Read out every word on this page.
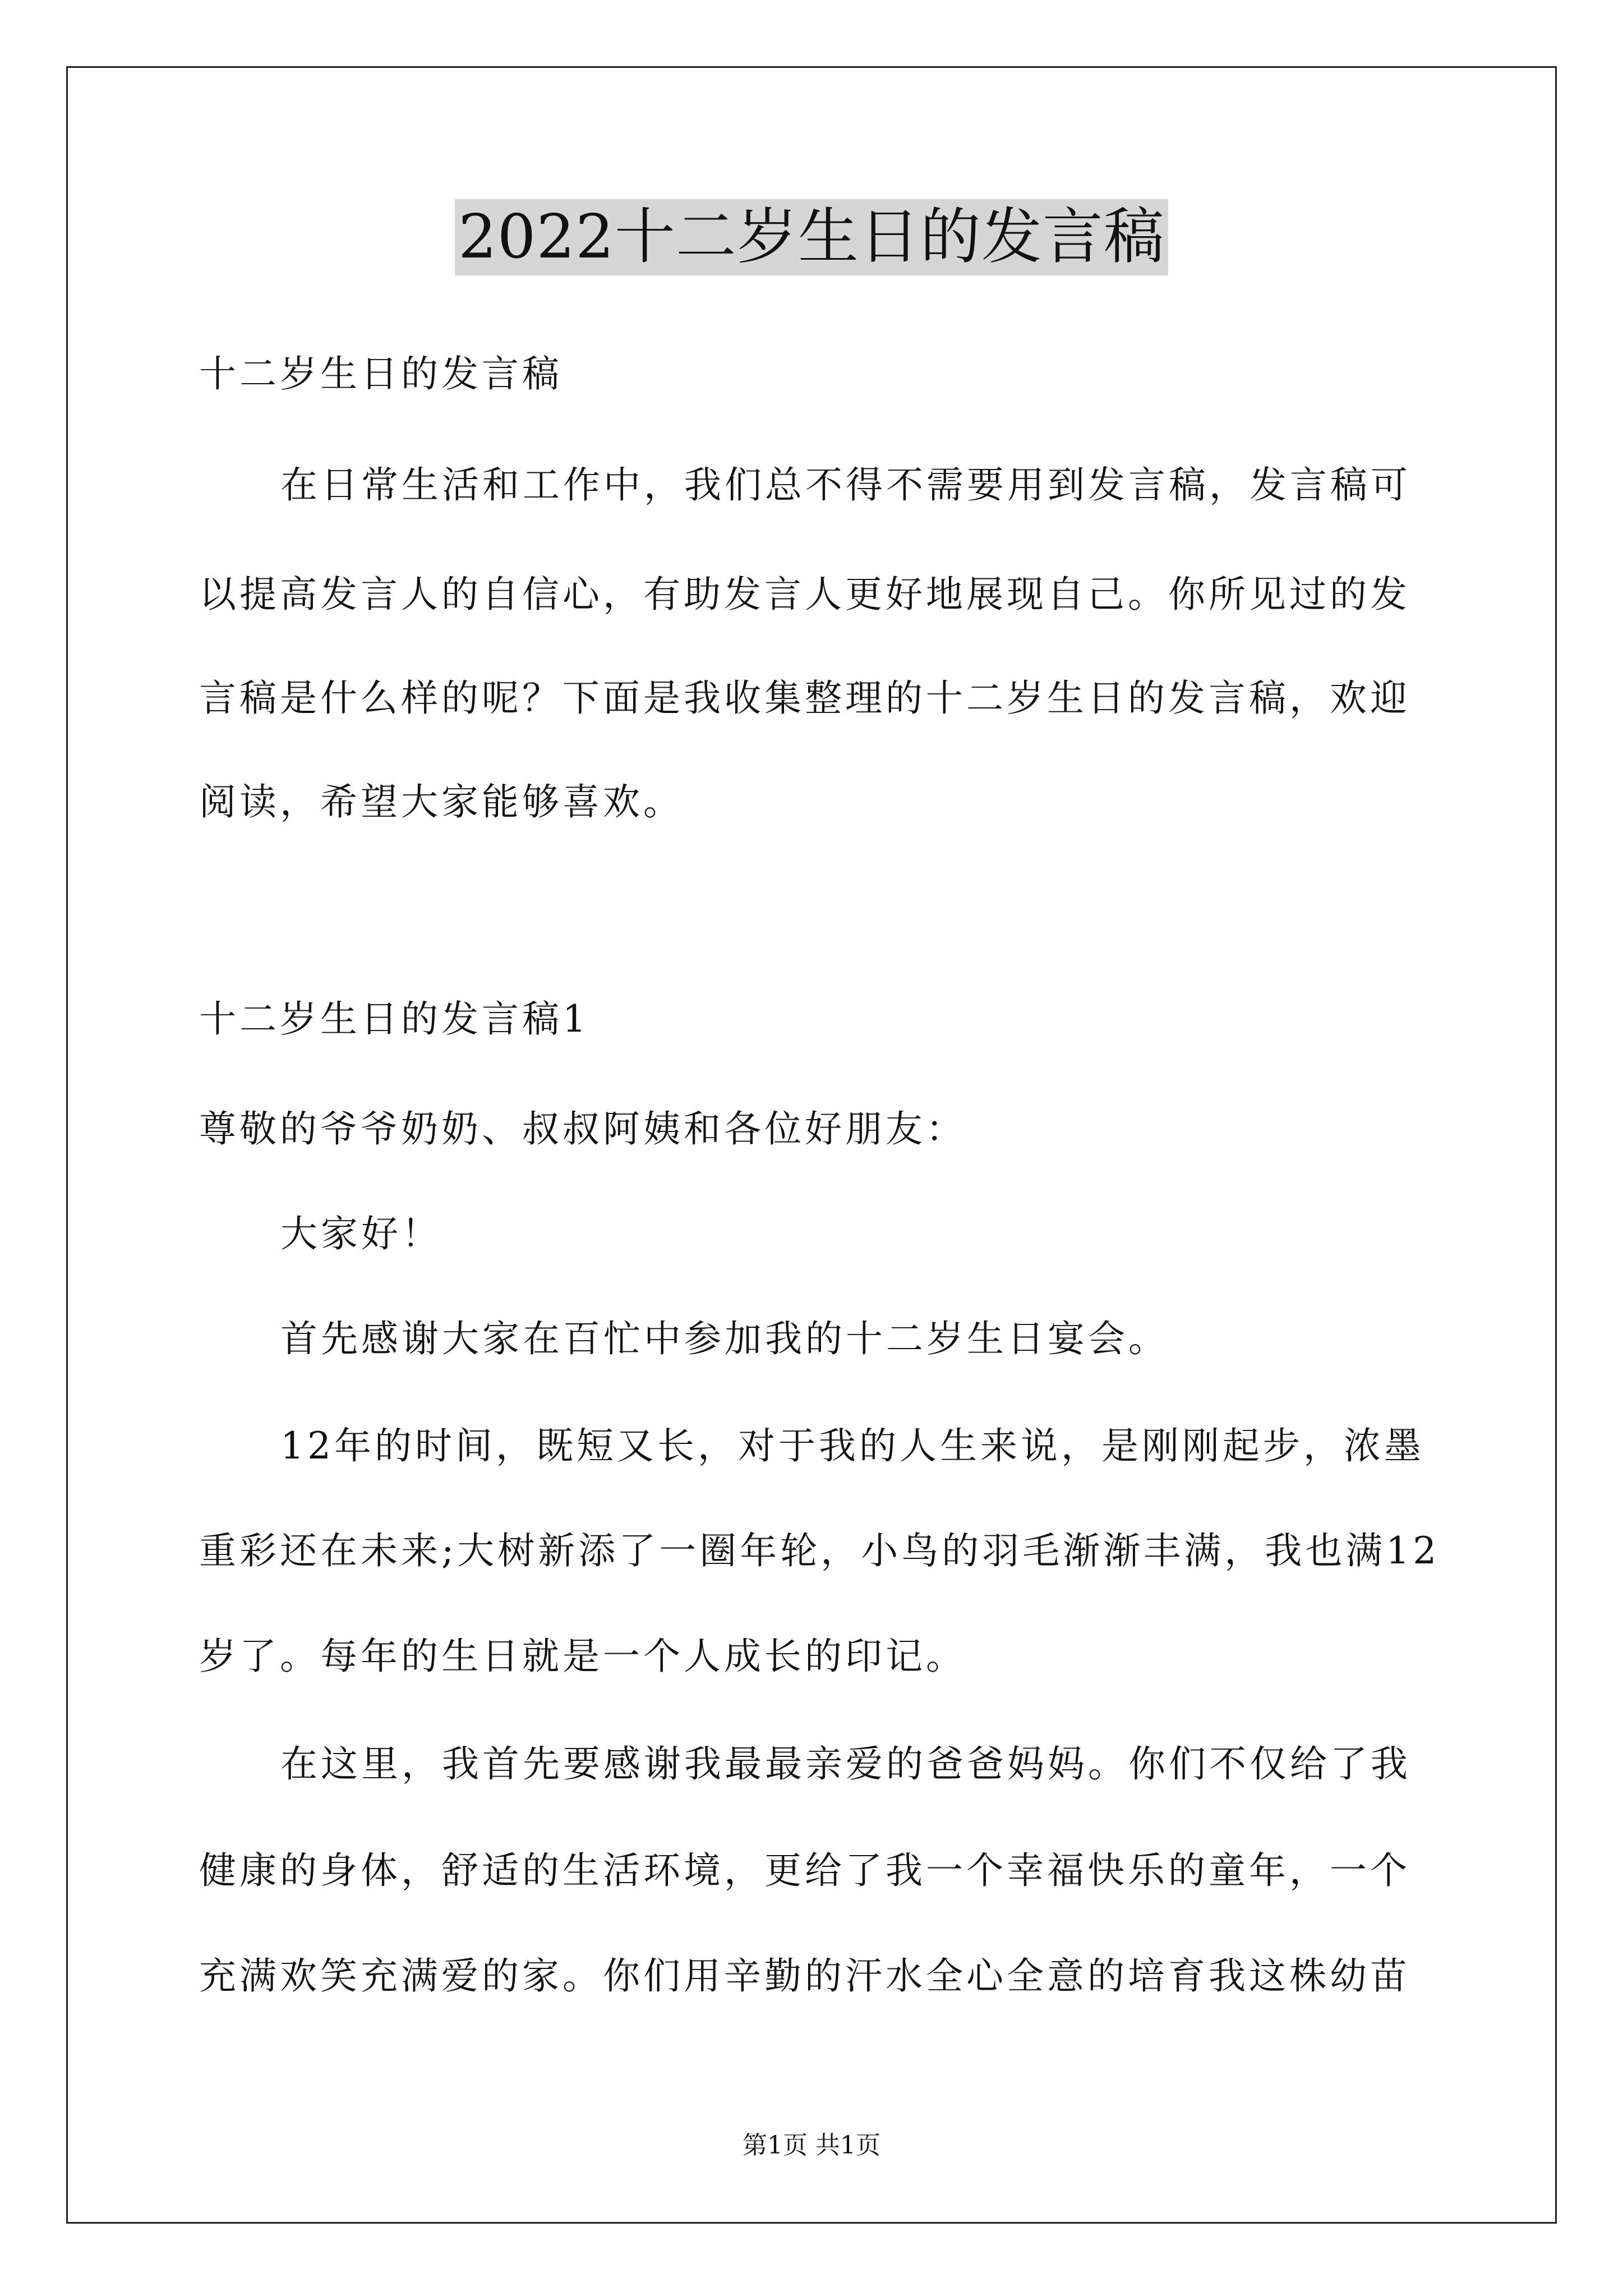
2022十二岁生日的发言稿
十二岁生日的发言稿
在日常生活和工作中，我们总不得不需要用到发言稿，发言稿可
以提高发言人的自信心，有助发言人更好地展现自己。你所见过的发
言稿是什么样的呢？下面是我收集整理的十二岁生日的发言稿，欢迎
阅读，希望大家能够喜欢。
十二岁生日的发言稿1
尊敬的爷爷奶奶、叔叔阿姨和各位好朋友：
大家好！
首先感谢大家在百忙中参加我的十二岁生日宴会。
12年的时间，既短又长，对于我的人生来说，是刚刚起步，浓墨
重彩还在未来;大树新添了一圈年轮，小鸟的羽毛渐渐丰满，我也满12
岁了。每年的生日就是一个人成长的印记。
在这里，我首先要感谢我最最亲爱的爸爸妈妈。你们不仅给了我
健康的身体，舒适的生活环境，更给了我一个幸福快乐的童年，一个
充满欢笑充满爱的家。你们用辛勤的汗水全心全意的培育我这株幼苗
第1页 共1页
